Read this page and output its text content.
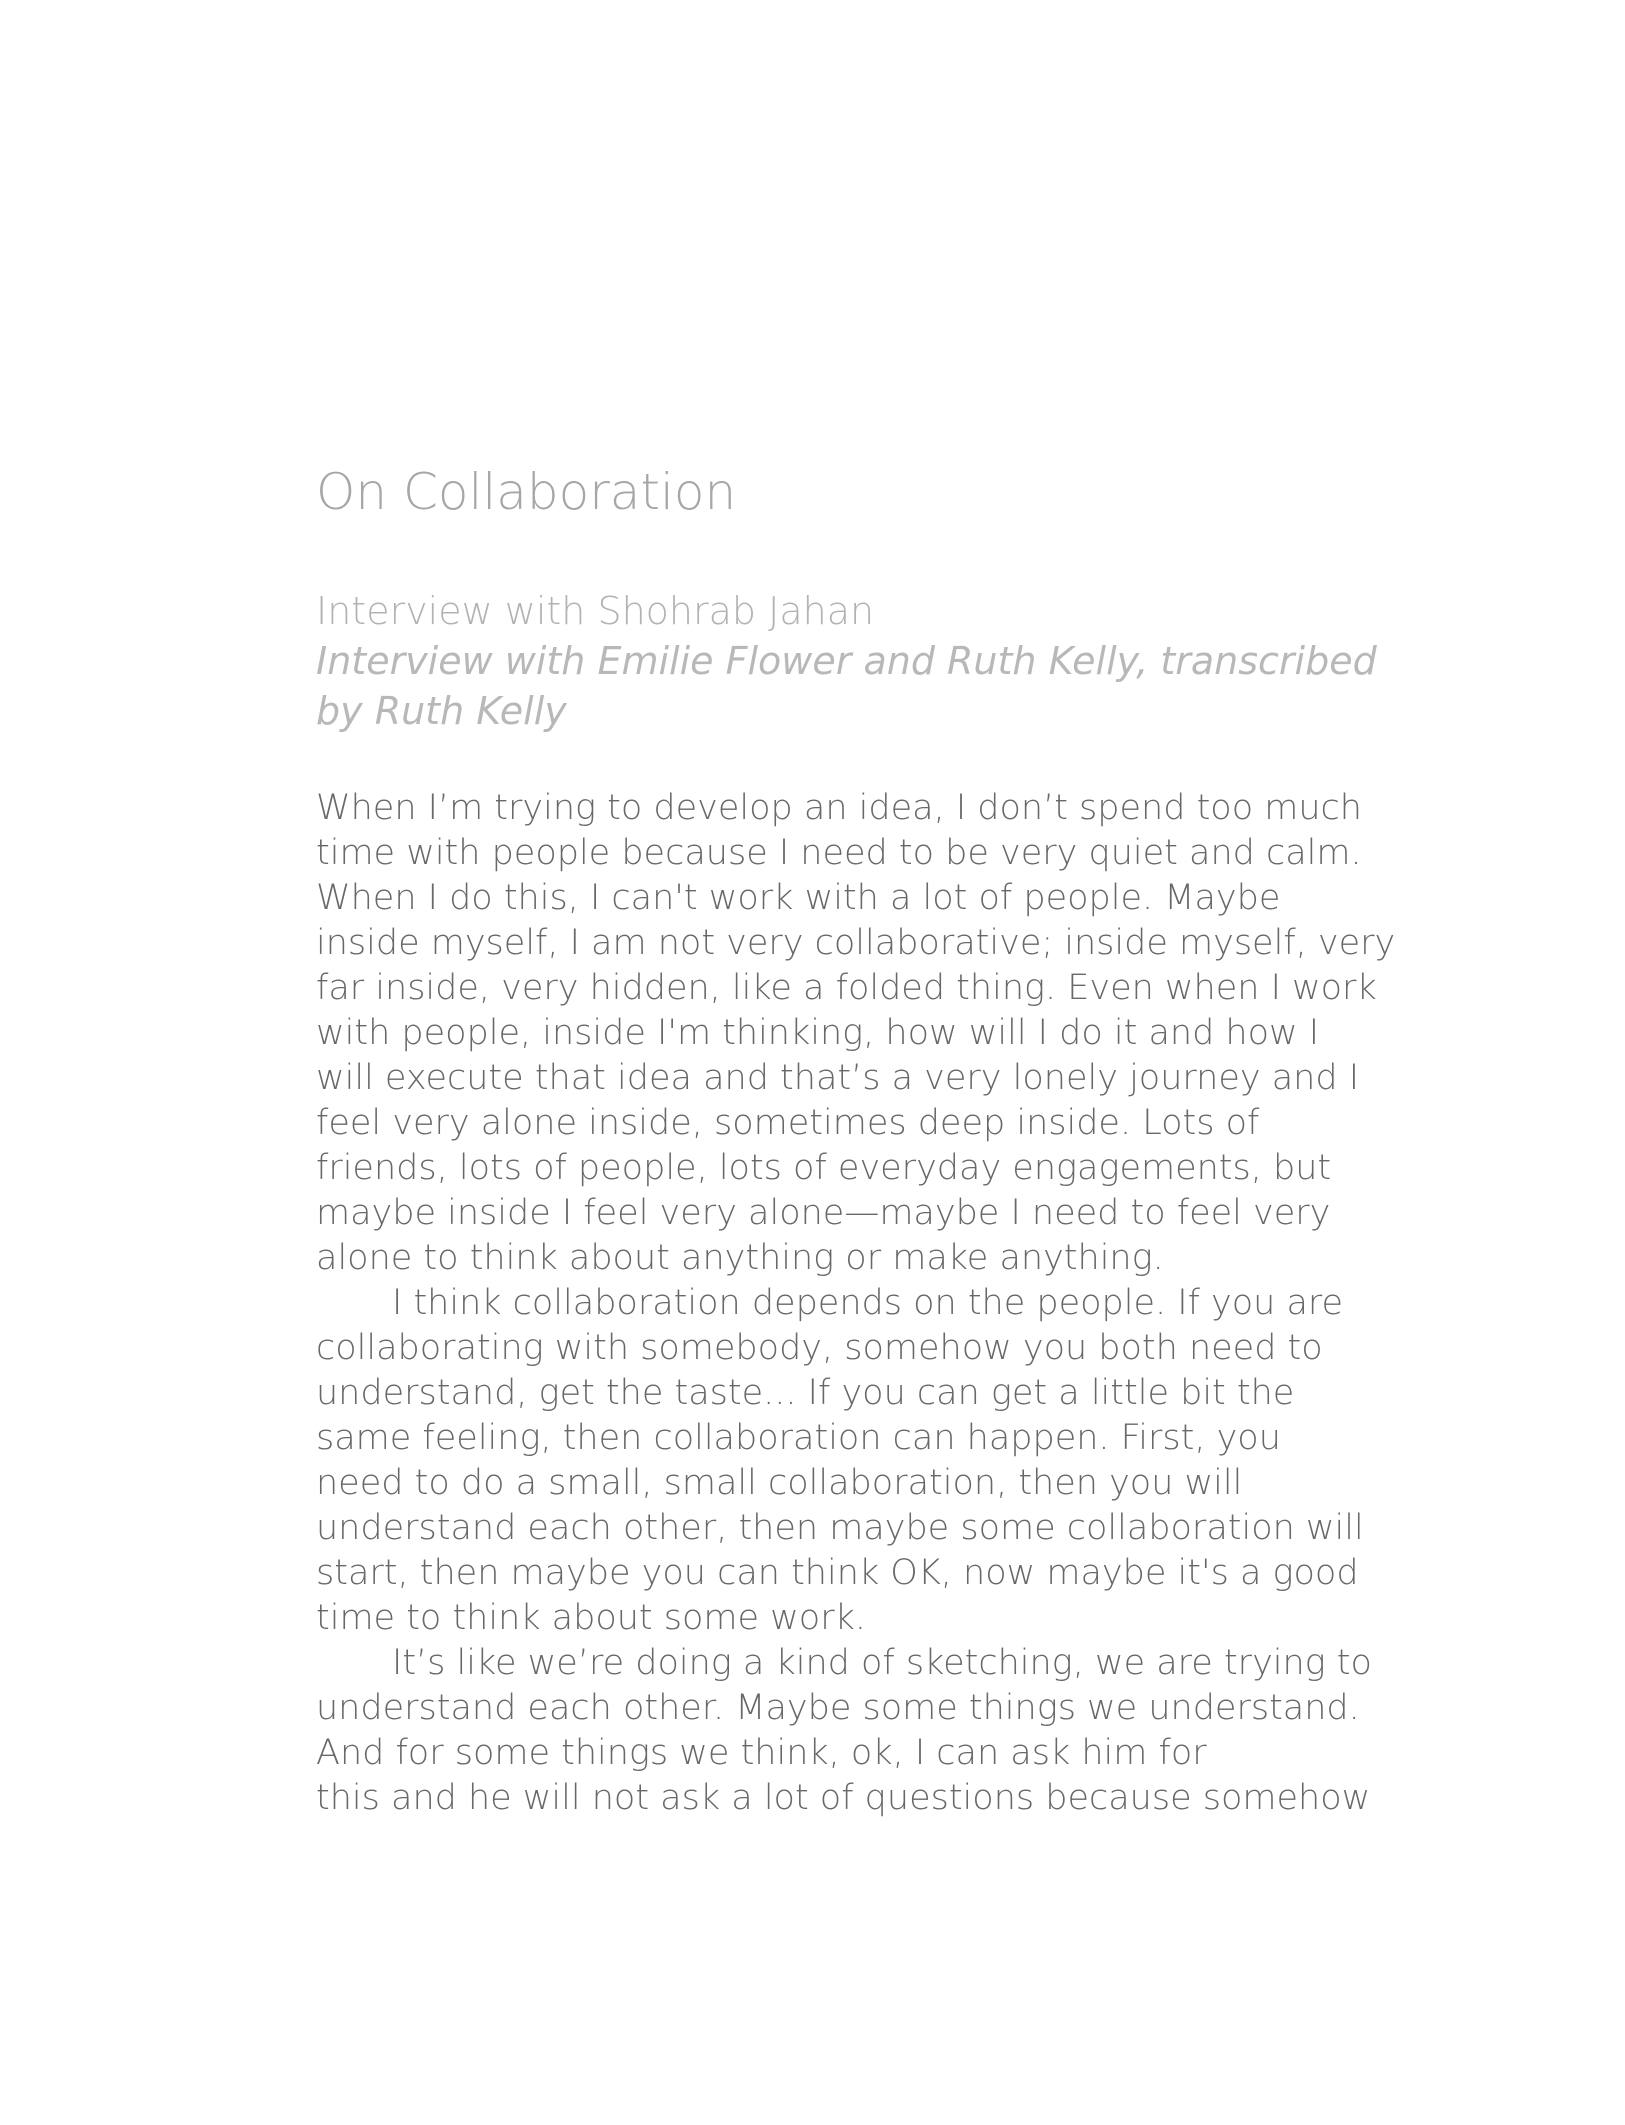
On Collaboration

Interview with Shohrab Jahan

Interview with Emilie Flower and Ruth Kelly, transcribed
by Ruth Kelly

When I’m trying to develop an idea, I don’t spend too much
time with people because I need to be very quiet and calm.
When I do this, I can't work with a lot of people. Maybe
inside myself, I am not very collaborative; inside myself, very
far inside, very hidden, like a folded thing. Even when I work
with people, inside I'm thinking, how will I do it and how I
will execute that idea and that’s a very lonely journey and I
feel very alone inside, sometimes deep inside. Lots of
friends, lots of people, lots of everyday engagements, but
maybe inside I feel very alone—maybe I need to feel very
alone to think about anything or make anything.
I think collaboration depends on the people. If you are
collaborating with somebody, somehow you both need to
understand, get the taste... If you can get a little bit the
same feeling, then collaboration can happen. First, you
need to do a small, small collaboration, then you will
understand each other, then maybe some collaboration will
start, then maybe you can think OK, now maybe it's a good
time to think about some work.
It’s like we’re doing a kind of sketching, we are trying to
understand each other. Maybe some things we understand.
And for some things we think, ok, I can ask him for
this and he will not ask a lot of questions because somehow
